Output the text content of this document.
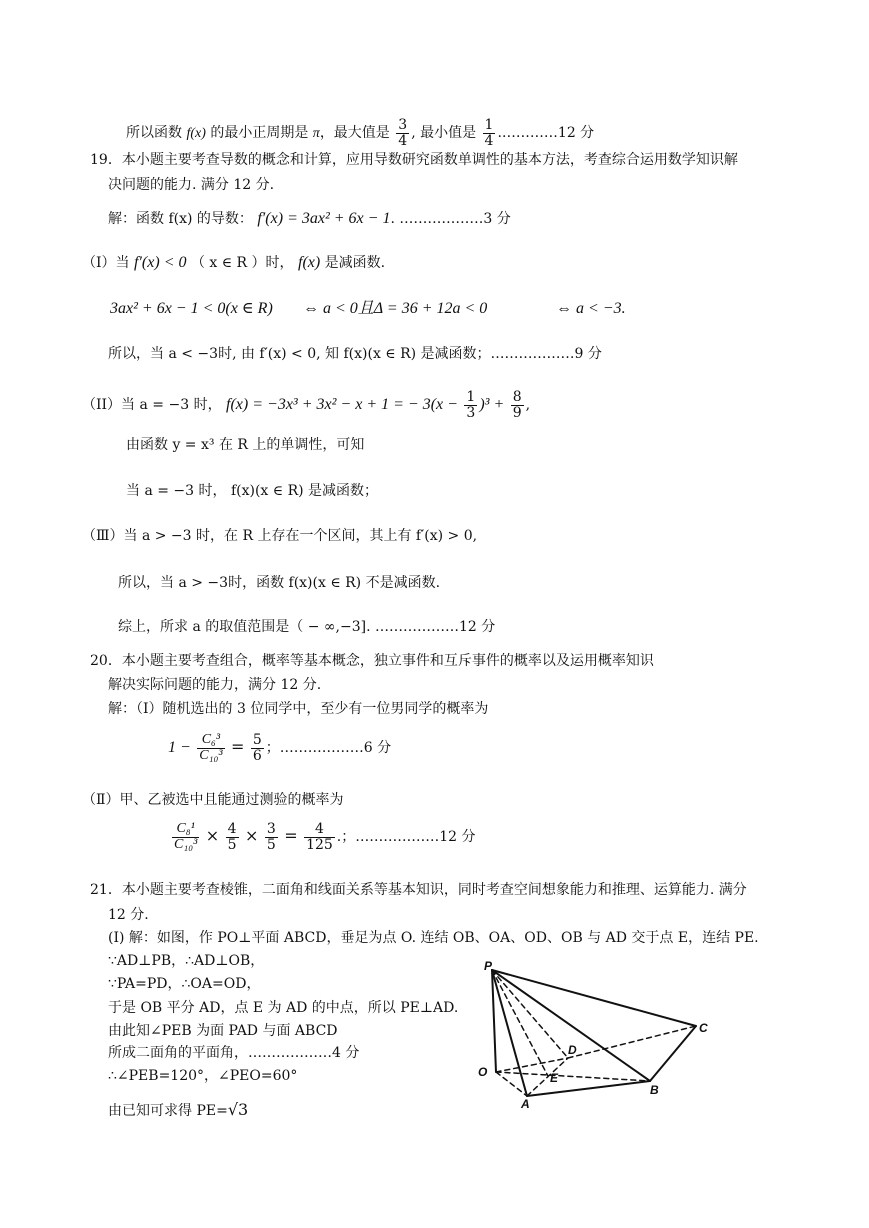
所以函数 f(x) 的最小正周期是 π，最大值是 $\frac{3}{4}$ , 最小值是 $\frac{1}{4}$ .…………12 分
19．本小题主要考查导数的概念和计算，应用导数研究函数单调性的基本方法，考查综合运用数学知识解
决问题的能力. 满分 12 分.
解：函数 f(x) 的导数： f′(x) = 3ax² + 6x − 1. ………………3 分
（Ⅰ）当 f′(x) < 0 （ x ∈ R ）时， f(x) 是减函数.
3ax² + 6x − 1 < 0(x ∈ R) ⇔ a < 0且Δ = 36 + 12a < 0	⇔ a < −3.
所以，当 a < −3时, 由 f′(x) < 0, 知 f(x)(x ∈ R) 是减函数；………………9 分
（II）当 a = −3 时， f(x) = −3x³ + 3x² − x + 1 = − $3(x - \frac{1}{3} )^3 + \frac{8}{9}$ ,
由函数 y = x³ 在 R 上的单调性，可知
当 a = −3 时， f(x)(x ∈ R) 是减函数；
（Ⅲ）当 a > −3 时，在 R 上存在一个区间，其上有 f′(x) > 0,
所以，当 a > −3时，函数 f(x)(x ∈ R) 不是减函数.
综上，所求 a 的取值范围是（ − ∞,−3]. ………………12 分
20．本小题主要考查组合，概率等基本概念，独立事件和互斥事件的概率以及运用概率知识
解决实际问题的能力，满分 12 分.
解：（Ⅰ）随机选出的 3 位同学中，至少有一位男同学的概率为
$1 - \frac{\text{C₆³}}{\text{C₁₀³}} = \frac{5}{6}$ ；………………6 分
（Ⅱ）甲、乙被选中且能通过测验的概率为
$\frac{\text{C₈¹}}{\text{C₁₀³}} \times \frac{4}{5} \times \frac{3}{5} = \frac{4}{125}$ .；………………12 分
21．本小题主要考查棱锥，二面角和线面关系等基本知识，同时考查空间想象能力和推理、运算能力. 满分
12 分.
(I) 解：如图，作 PO⊥平面 ABCD，垂足为点 O. 连结 OB、OA、OD、OB 与 AD 交于点 E，连结 PE.
∵AD⊥PB，∴AD⊥OB，
∵PA=PD，∴OA=OD，
于是 OB 平分 AD，点 E 为 AD 的中点，所以 PE⊥AD.
由此知∠PEB 为面 PAD 与面 ABCD
所成二面角的平面角，………………4 分
∴∠PEB=120°，∠PEO=60°
由已知可求得 PE=√3
P
C
D
O	E
B
A
